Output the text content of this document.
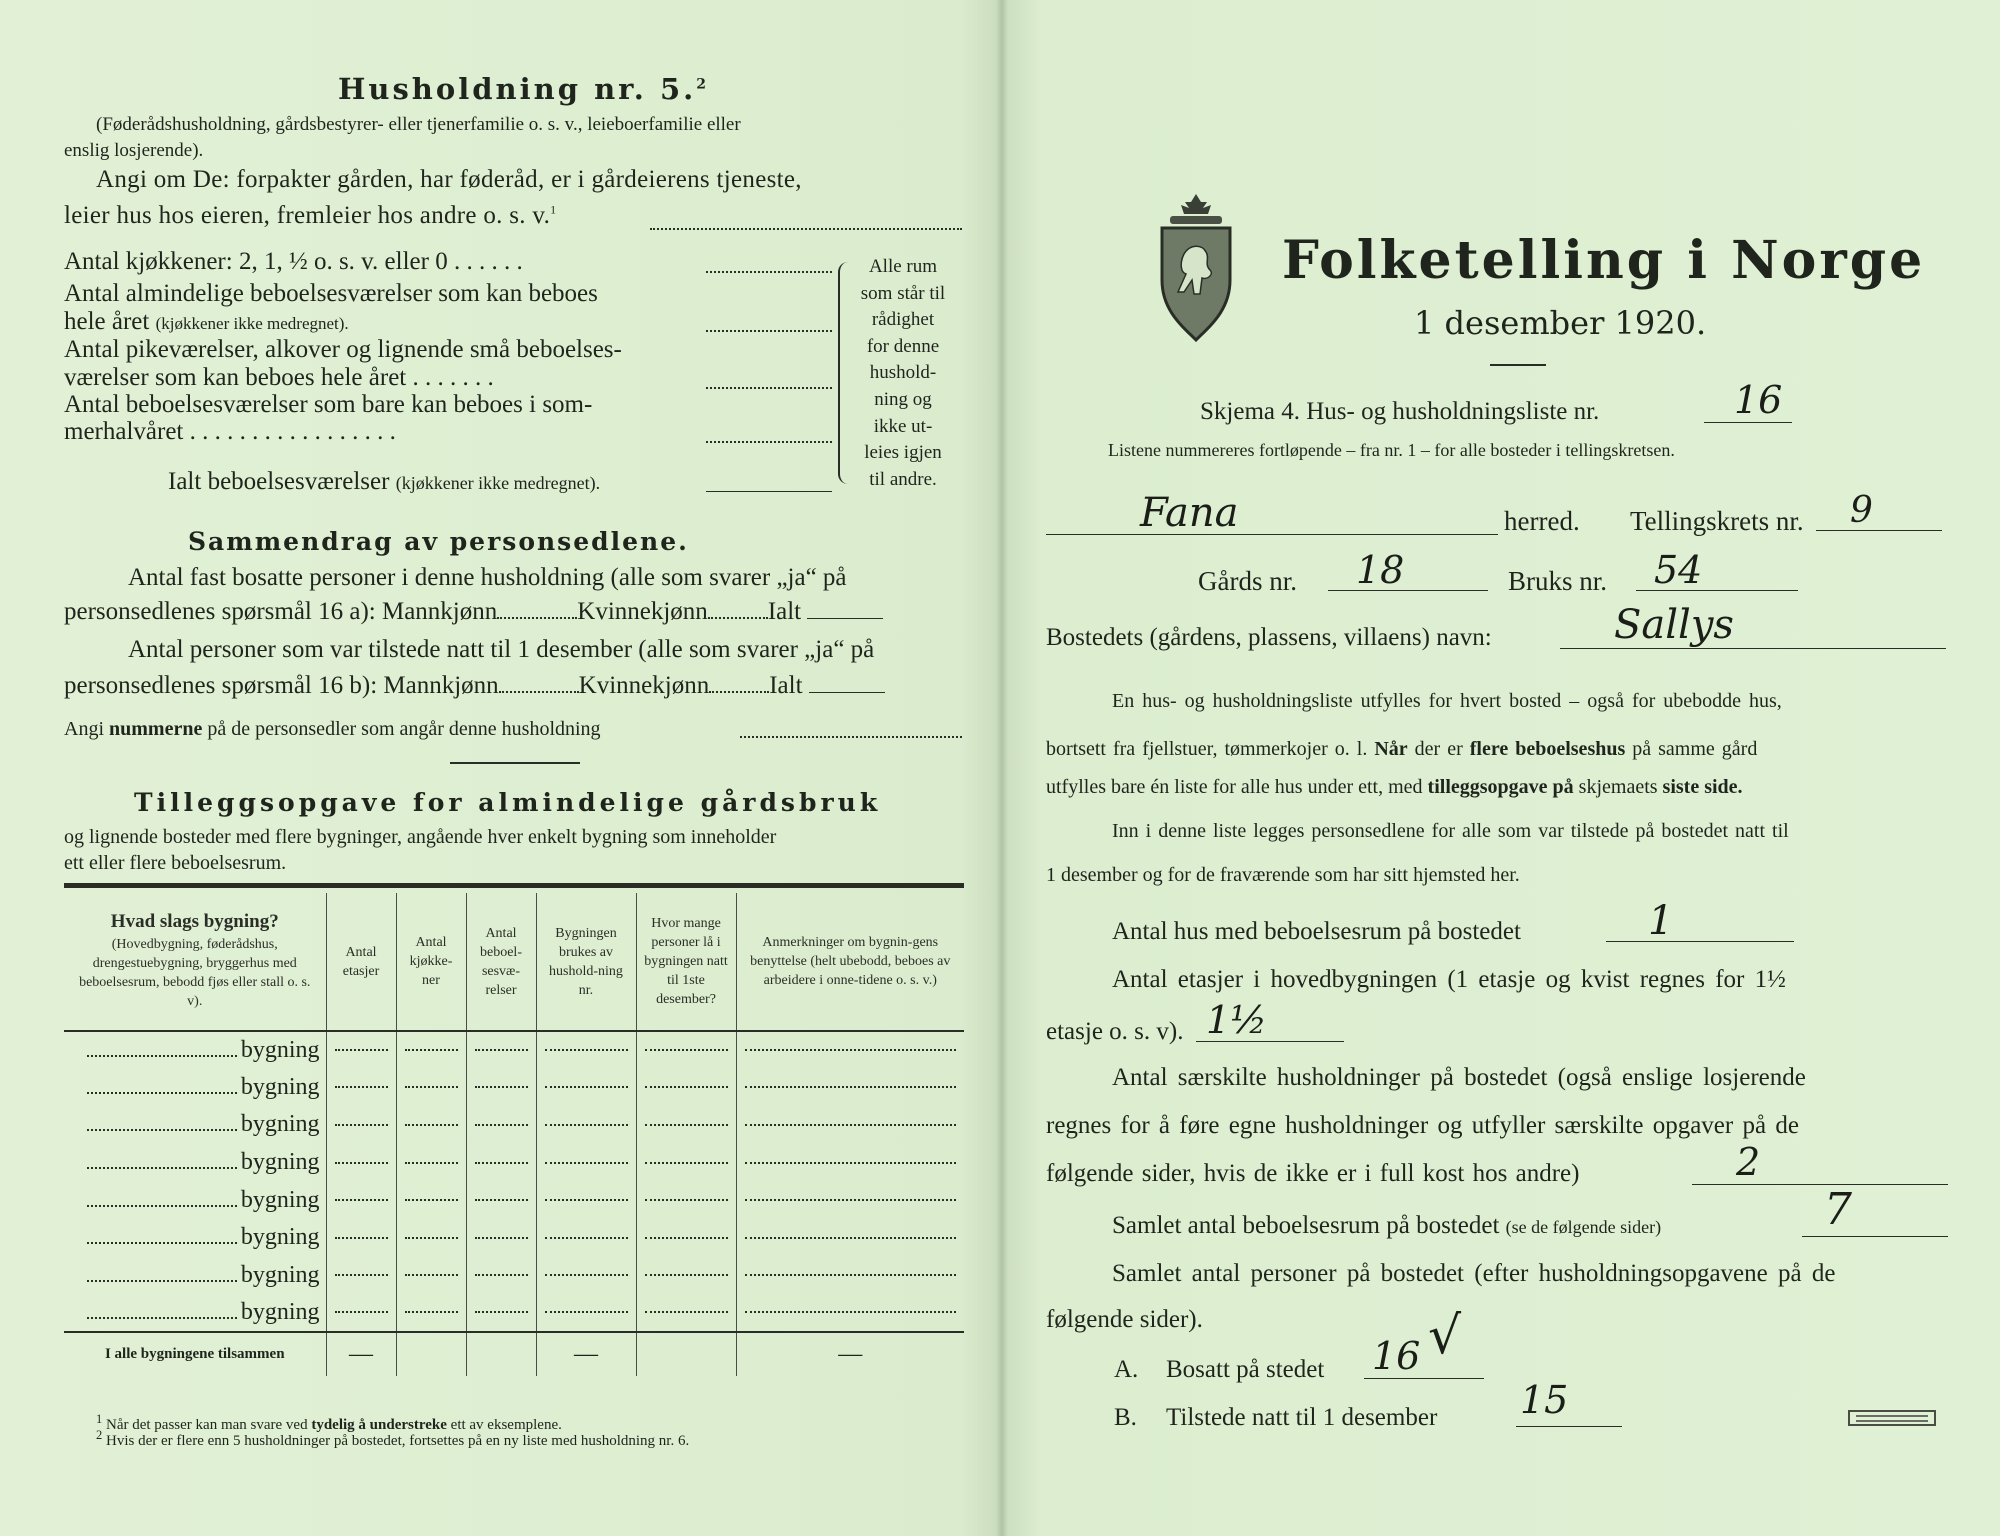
Husholdning nr. 5.$^2$
(Føderådshusholdning, gårdsbestyrer- eller tjenerfamilie o. s. v., leieboerfamilie eller
enslig losjerende).
Angi om De: forpakter gården, har føderåd, er i gårdeierens tjeneste,
leier hus hos eieren, fremleier hos andre o. s. v.$^1$
Antal kjøkkener: 2, 1, ½ o. s. v. eller 0 . . . . . .
Antal almindelige beboelsesværelser som kan beboes
hele året (kjøkkener ikke medregnet).
Antal pikeværelser, alkover og lignende små beboelses-
værelser som kan beboes hele året . . . . . . .
Antal beboelsesværelser som bare kan beboes i som-
merhalvåret . . . . . . . . . . . . . . . . .
Ialt beboelsesværelser (kjøkkener ikke medregnet).
Alle rum
som står til
rådighet
for denne
hushold-
ning og
ikke ut-
leies igjen
til andre.
Sammendrag av personsedlene.
Antal fast bosatte personer i denne husholdning (alle som svarer „ja“ på
personsedlenes spørsmål 16 a): Mannkjønn	Kvinnekjønn Ialt
Antal personer som var tilstede natt til 1 desember (alle som svarer „ja“ på
personsedlenes spørsmål 16 b): Mannkjønn	Kvinnekjønn Ialt
Angi nummerne på de personsedler som angår denne husholdning
Tilleggsopgave for almindelige gårdsbruk
og lignende bosteder med flere bygninger, angående hver enkelt bygning som inneholder
ett eller flere beboelsesrum.
Hvad slags bygning?
(Hovedbygning, føderådshus, drengestuebygning, bryggerhus med beboelsesrum, bebodd fjøs eller stall o. s. v).	Antal etasjer	Antal kjøkke-ner	Antal beboel-sesvæ-relser	Bygningen brukes av hushold-ning nr.	Hvor mange personer lå i bygningen natt til 1ste desember?	Anmerkninger om bygnin-gens benyttelse (helt ubebodd, beboes av arbeidere i onne-tidene o. s. v.)

bygning	

bygning	

bygning	

bygning	

bygning	

bygning	

bygning	

bygning	

I alle bygningene tilsammen	—			—		—
$^1$ Når det passer kan man svare ved tydelig å understreke ett av eksemplene.
$^2$ Hvis der er flere enn 5 husholdninger på bostedet, fortsettes på en ny liste med husholdning nr. 6.
Folketelling i Norge
1 desember 1920.
Skjema 4. Hus- og husholdningsliste nr.	16
Listene nummereres fortløpende – fra nr. 1 – for alle bosteder i tellingskretsen.
Fana	herred. Tellingskrets nr. 9
Gårds nr. 18	Bruks nr. 54
Bostedets (gårdens, plassens, villaens) navn:	Sallys
En hus- og husholdningsliste utfylles for hvert bosted – også for ubebodde hus,
bortsett fra fjellstuer, tømmerkojer o. l. Når der er flere beboelseshus på samme gård
utfylles bare én liste for alle hus under ett, med tilleggsopgave på skjemaets siste side.
Inn i denne liste legges personsedlene for alle som var tilstede på bostedet natt til
1 desember og for de fraværende som har sitt hjemsted her.
Antal hus med beboelsesrum på bostedet	1
Antal etasjer i hovedbygningen (1 etasje og kvist regnes for 1½
etasje o. s. v). 1½
Antal særskilte husholdninger på bostedet (også enslige losjerende
regnes for å føre egne husholdninger og utfyller særskilte opgaver på de
følgende sider, hvis de ikke er i full kost hos andre)	2
Samlet antal beboelsesrum på bostedet (se de følgende sider)	7
Samlet antal personer på bostedet (efter husholdningsopgavene på de
følgende sider).
A. Bosatt på stedet 16 √
B. Tilstede natt til 1 desember 15
